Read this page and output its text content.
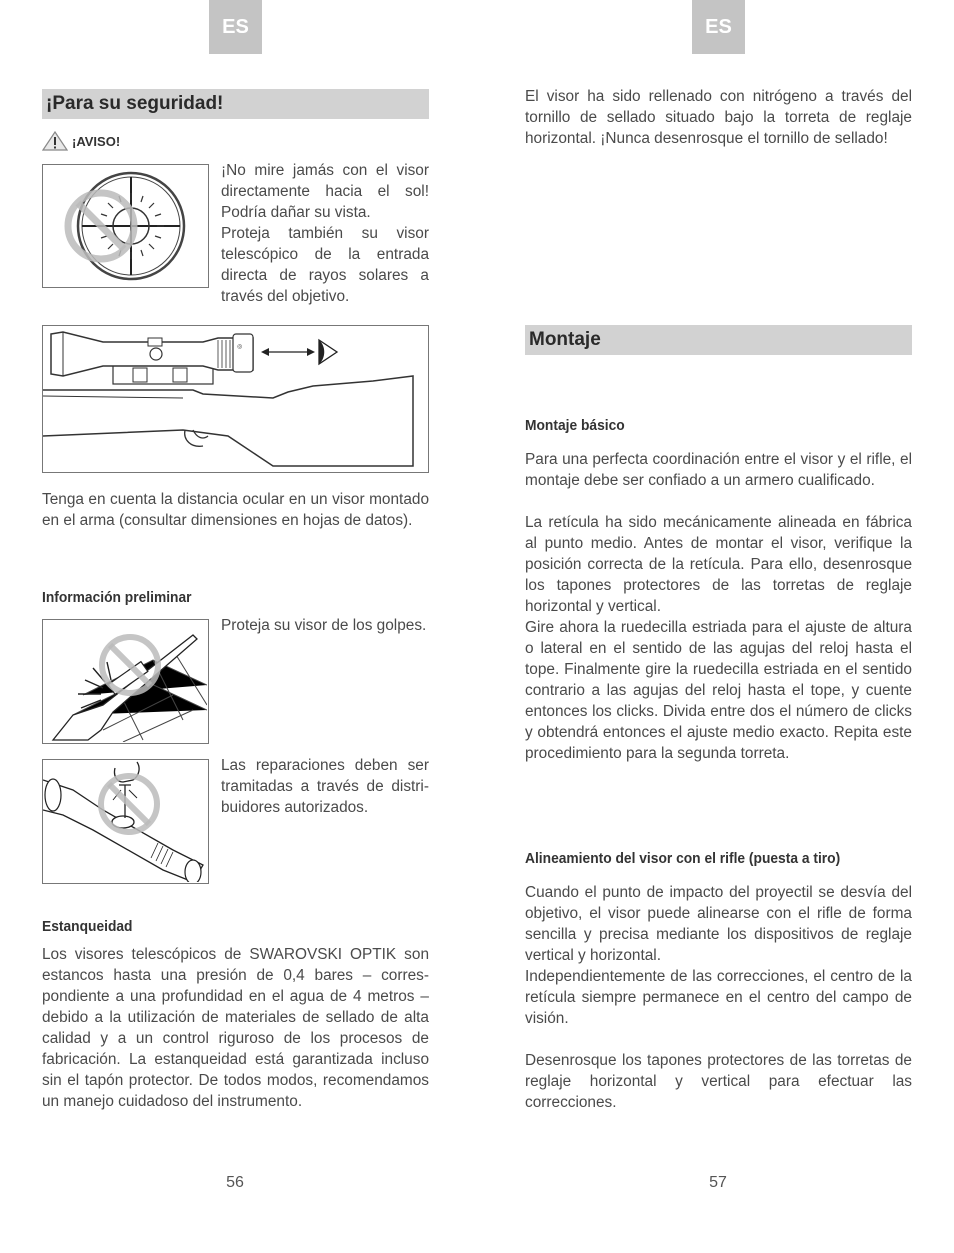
ES
¡Para su seguridad!
¡AVISO!

¡No mire jamás con el visor directamente hacia el sol! Podría dañar su vista.

Proteja también su visor telescópico de la entrada directa de rayos solares a través del objetivo.

◎

Tenga en cuenta la distancia ocular en un visor montado en el arma (consultar dimensiones en hojas de datos).

Información preliminar

Proteja su visor de los golpes.

Las reparaciones deben ser tramitadas a través de distribuidores autorizados.

Estanqueidad

Los visores telescópicos de SWAROVSKI OPTIK son estancos hasta una presión de 0,4 bares – correspondiente a una profundidad en el agua de 4 metros – debido a la utilización de materiales de sellado de alta calidad y a un control riguroso de los procesos de fabricación. La estanqueidad está garantizada incluso sin el tapón protector. De todos modos, recomendamos un manejo cuidadoso del instrumento.

56
ES

El visor ha sido rellenado con nitrógeno a través del tornillo de sellado situado bajo la torreta de reglaje horizontal. ¡Nunca desenrosque el tornillo de sellado!

Montaje

Montaje básico

Para una perfecta coordinación entre el visor y el rifle, el montaje debe ser confiado a un armero cualificado.

La retícula ha sido mecánicamente alineada en fábrica al punto medio. Antes de montar el visor, verifique la posición correcta de la retícula. Para ello, desenrosque los tapones protectores de las torretas de reglaje horizontal y vertical.

Gire ahora la ruedecilla estriada para el ajuste de altura o lateral en el sentido de las agujas del reloj hasta el tope. Finalmente gire la ruedecilla estriada en el sentido contrario a las agujas del reloj hasta el tope, y cuente entonces los clicks. Divida entre dos el número de clicks y obtendrá entonces el ajuste medio exacto. Repita este procedimiento para la segunda torreta.

Alineamiento del visor con el rifle (puesta a tiro)

Cuando el punto de impacto del proyectil se desvía del objetivo, el visor puede alinearse con el rifle de forma sencilla y precisa mediante los dispositivos de reglaje vertical y horizontal.

Independientemente de las correcciones, el centro de la retícula siempre permanece en el centro del campo de visión.

Desenrosque los tapones protectores de las torretas de reglaje horizontal y vertical para efectuar las correcciones.

57
